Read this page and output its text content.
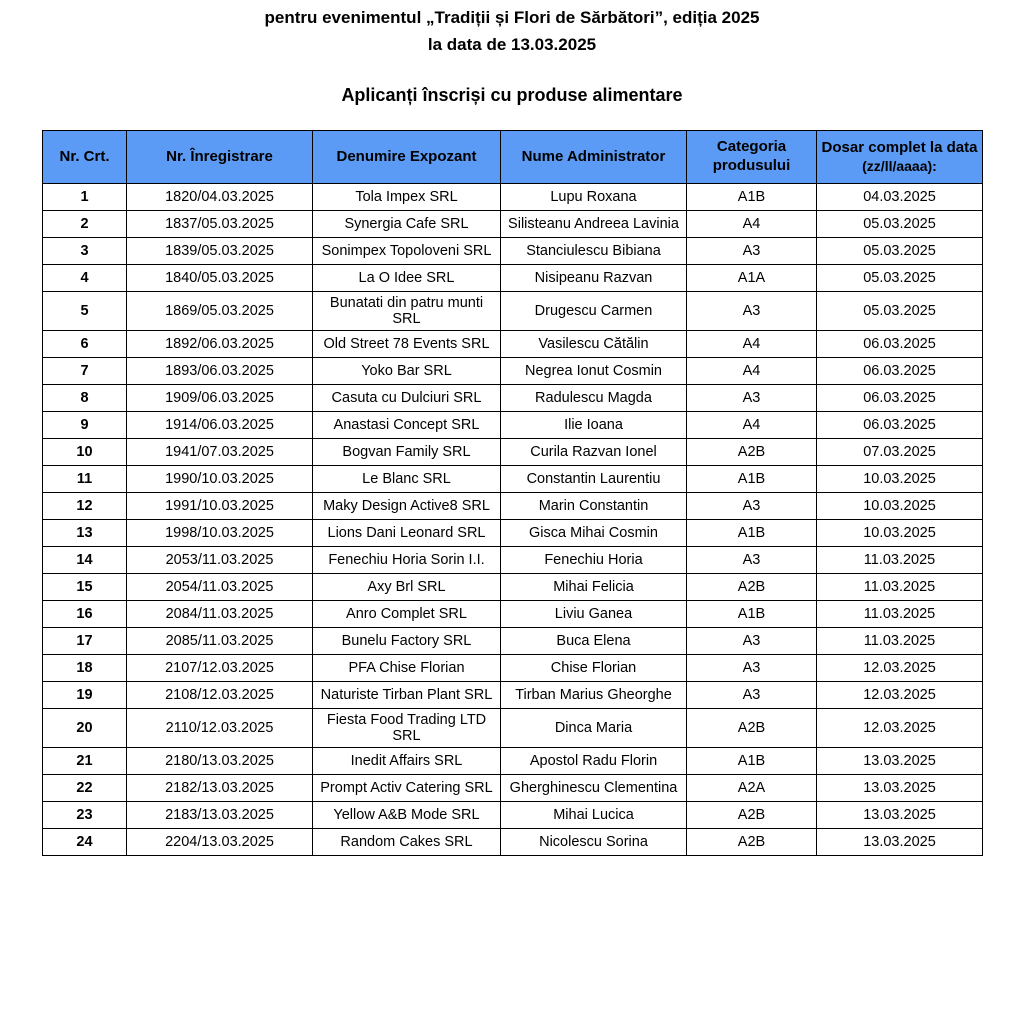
pentru evenimentul „Tradiții și Flori de Sărbători”, ediția 2025
la data de 13.03.2025
Aplicanți înscriși cu produse alimentare
Nr. Crt.	Nr. Înregistrare	Denumire Expozant	Nume Administrator	Categoria produsului	Dosar complet la data
(zz/ll/aaaa):

1	1820/04.03.2025	Tola Impex SRL	Lupu Roxana	A1B	04.03.2025
2	1837/05.03.2025	Synergia Cafe SRL	Silisteanu Andreea Lavinia	A4	05.03.2025
3	1839/05.03.2025	Sonimpex Topoloveni SRL	Stanciulescu Bibiana	A3	05.03.2025
4	1840/05.03.2025	La O Idee SRL	Nisipeanu Razvan	A1A	05.03.2025
5	1869/05.03.2025	Bunatati din patru munti SRL	Drugescu Carmen	A3	05.03.2025
6	1892/06.03.2025	Old Street 78 Events SRL	Vasilescu Cătălin	A4	06.03.2025
7	1893/06.03.2025	Yoko Bar SRL	Negrea Ionut Cosmin	A4	06.03.2025
8	1909/06.03.2025	Casuta cu Dulciuri SRL	Radulescu Magda	A3	06.03.2025
9	1914/06.03.2025	Anastasi Concept SRL	Ilie Ioana	A4	06.03.2025
10	1941/07.03.2025	Bogvan Family SRL	Curila Razvan Ionel	A2B	07.03.2025
11	1990/10.03.2025	Le Blanc SRL	Constantin Laurentiu	A1B	10.03.2025
12	1991/10.03.2025	Maky Design Active8 SRL	Marin Constantin	A3	10.03.2025
13	1998/10.03.2025	Lions Dani Leonard SRL	Gisca Mihai Cosmin	A1B	10.03.2025
14	2053/11.03.2025	Fenechiu Horia Sorin I.I.	Fenechiu Horia	A3	11.03.2025
15	2054/11.03.2025	Axy Brl SRL	Mihai Felicia	A2B	11.03.2025
16	2084/11.03.2025	Anro Complet SRL	Liviu Ganea	A1B	11.03.2025
17	2085/11.03.2025	Bunelu Factory SRL	Buca Elena	A3	11.03.2025
18	2107/12.03.2025	PFA Chise Florian	Chise Florian	A3	12.03.2025
19	2108/12.03.2025	Naturiste Tirban Plant SRL	Tirban Marius Gheorghe	A3	12.03.2025
20	2110/12.03.2025	Fiesta Food Trading LTD SRL	Dinca Maria	A2B	12.03.2025
21	2180/13.03.2025	Inedit Affairs SRL	Apostol Radu Florin	A1B	13.03.2025
22	2182/13.03.2025	Prompt Activ Catering SRL	Gherghinescu Clementina	A2A	13.03.2025
23	2183/13.03.2025	Yellow A&B Mode SRL	Mihai Lucica	A2B	13.03.2025
24	2204/13.03.2025	Random Cakes SRL	Nicolescu Sorina	A2B	13.03.2025
